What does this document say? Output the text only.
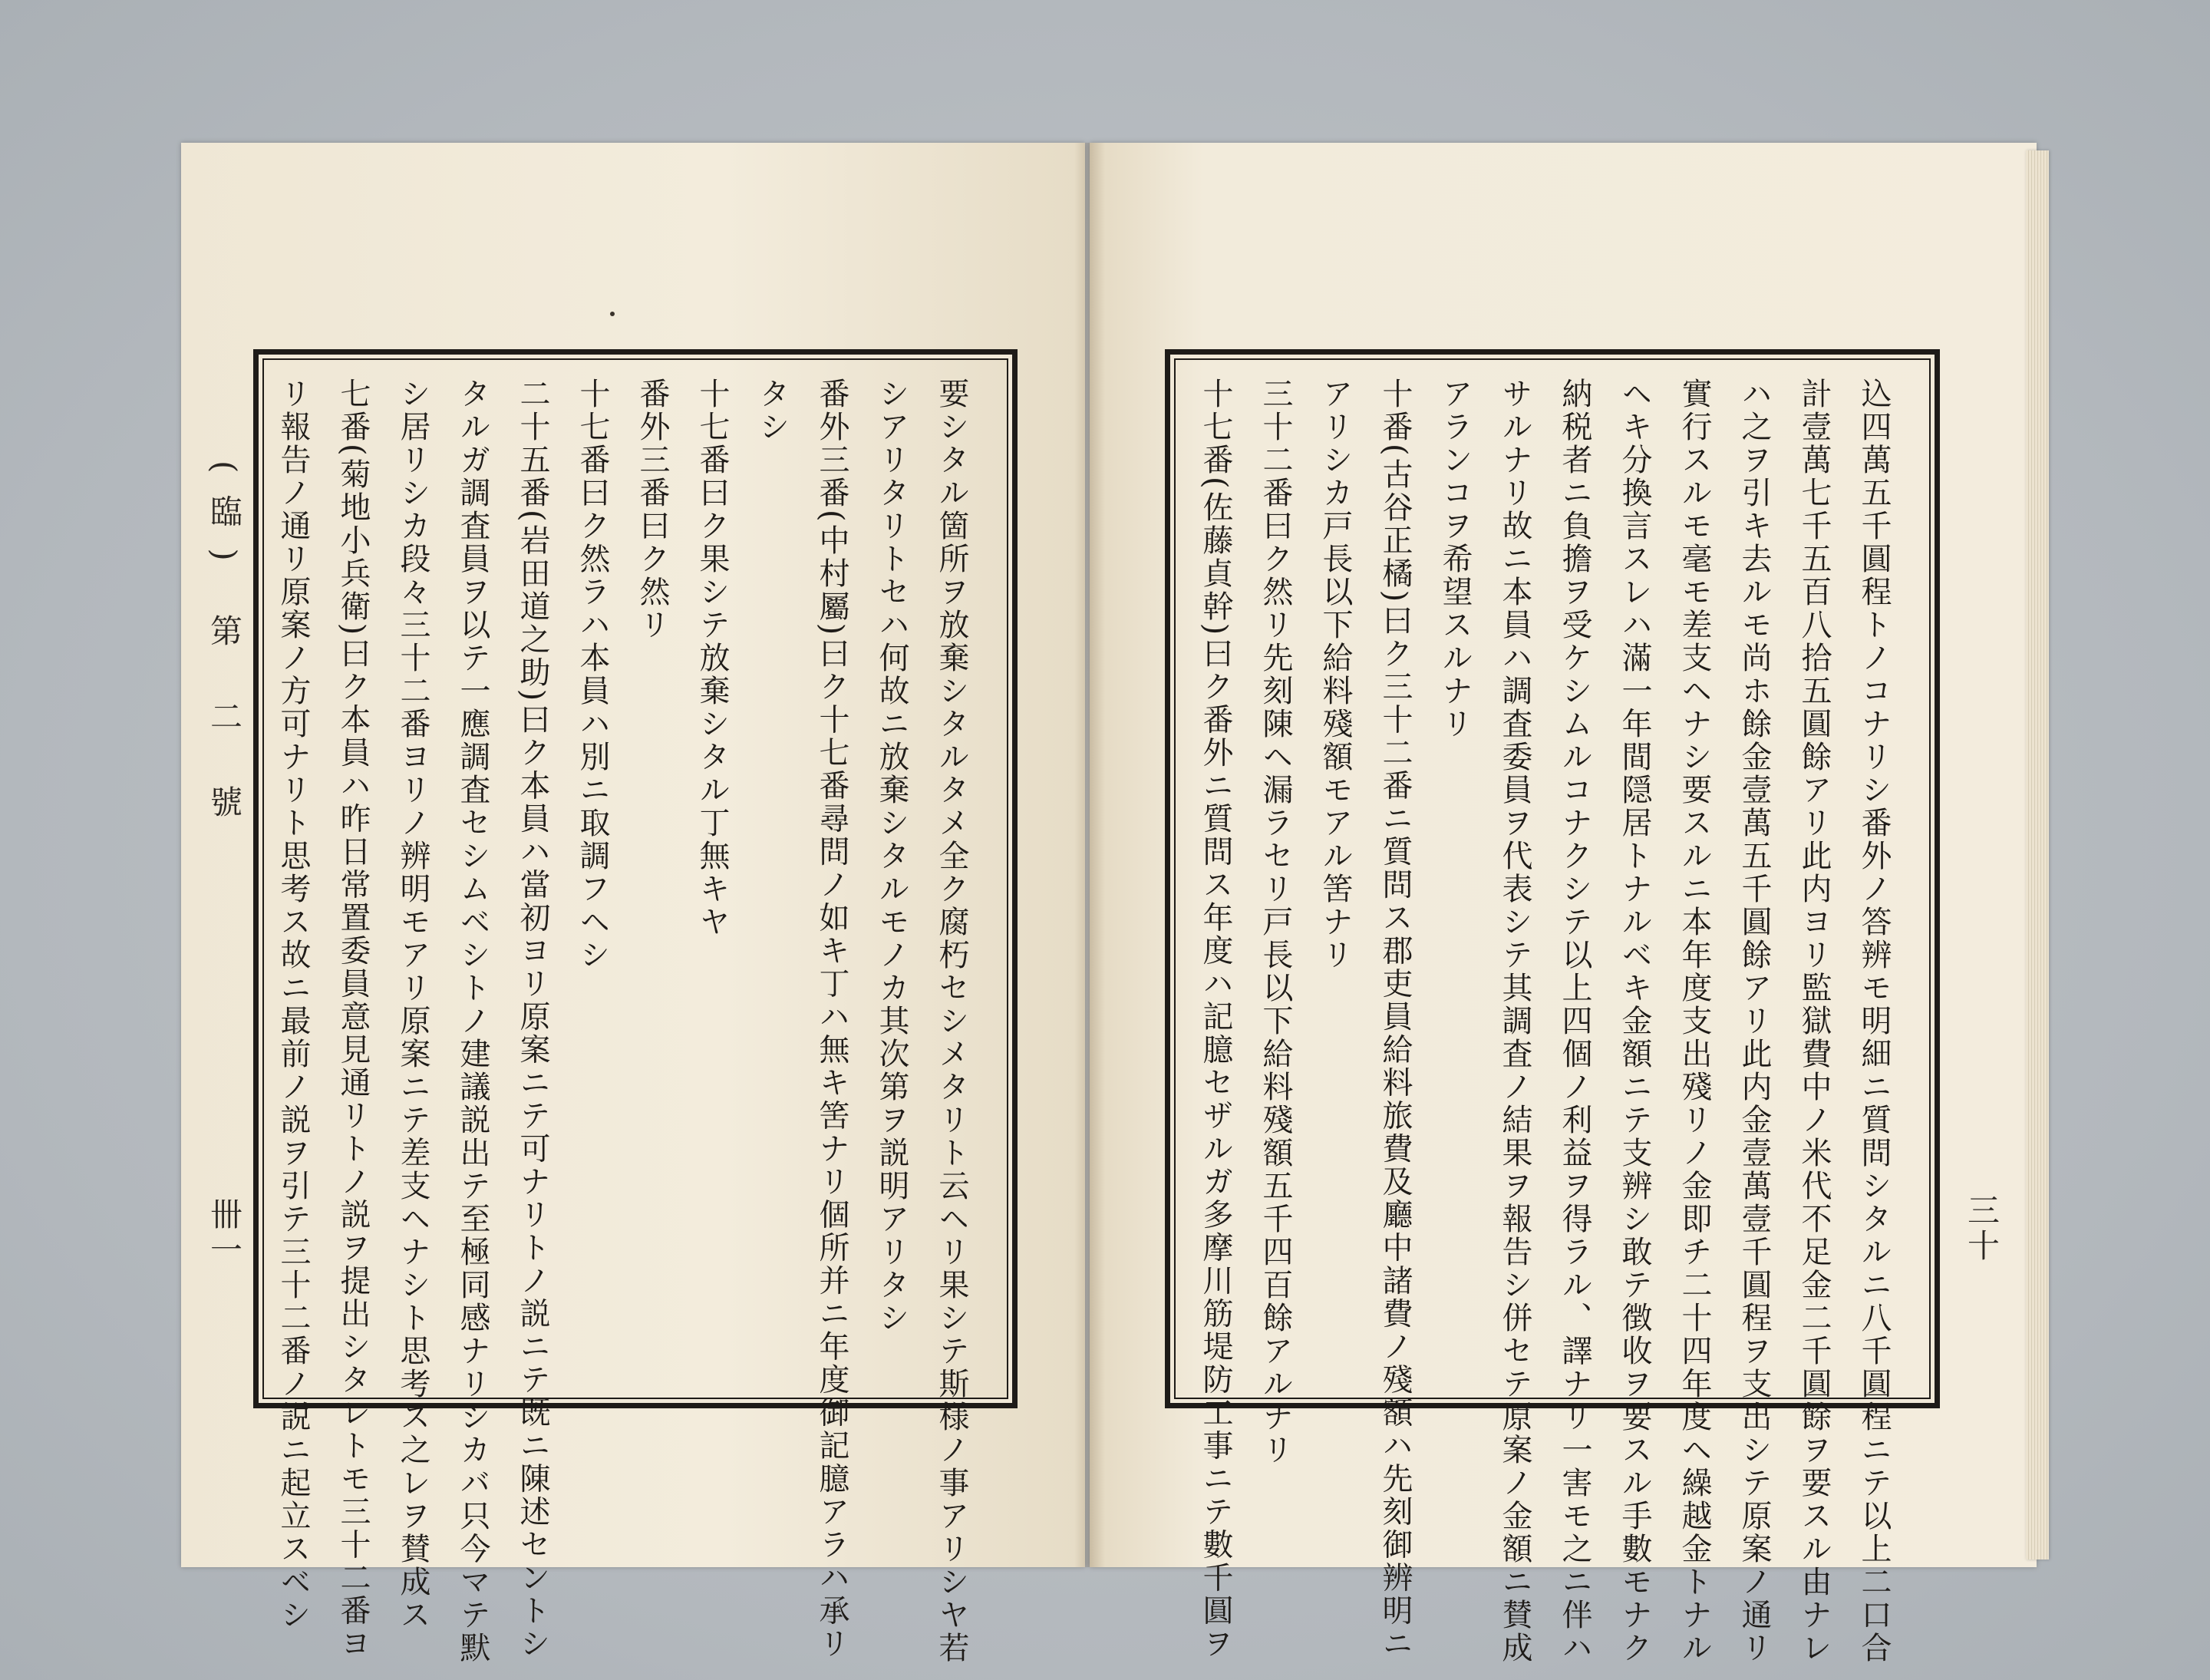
(臨) 第 二 號
卌一	要シタル箇所ヲ放棄シタルタメ全ク腐朽セシメタリト云ヘリ果シテ斯様ノ事アリシヤ若
シアリタリトセハ何故ニ放棄シタルモノカ其次第ヲ説明アリタシ
番外三番(中村屬)曰ク十七番尋問ノ如キ丁ハ無キ筈ナリ個所并ニ年度御記臆アラハ承リ
タシ
十七番曰ク果シテ放棄シタル丁無キヤ
番外三番曰ク然リ
十七番曰ク然ラハ本員ハ別ニ取調フヘシ
二十五番(岩田道之助)曰ク本員ハ當初ヨリ原案ニテ可ナリトノ説ニテ既ニ陳述セントシ
タルガ調査員ヲ以テ一應調査セシムベシトノ建議説出テ至極同感ナリシカバ只今マテ默
シ居リシカ段々三十二番ヨリノ辨明モアリ原案ニテ差支ヘナシト思考ス之レヲ賛成ス
七番(菊地小兵衛)曰ク本員ハ昨日常置委員意見通リトノ説ヲ提出シタレトモ三十二番ヨ
リ報告ノ通リ原案ノ方可ナリト思考ス故ニ最前ノ説ヲ引テ三十二番ノ説ニ起立スベシ	三十
込四萬五千圓程トノコナリシ番外ノ答辨モ明細ニ質問シタルニ八千圓程ニテ以上二口合
計壹萬七千五百八拾五圓餘アリ此内ヨリ監獄費中ノ米代不足金二千圓餘ヲ要スル由ナレ
ハ之ヲ引キ去ルモ尚ホ餘金壹萬五千圓餘アリ此内金壹萬壹千圓程ヲ支出シテ原案ノ通リ
實行スルモ毫モ差支ヘナシ要スルニ本年度支出殘リノ金即チ二十四年度ヘ繰越金トナル
ヘキ分換言スレハ滿一年間隠居トナルベキ金額ニテ支辨シ敢テ徴收ヲ要スル手數モナク
納税者ニ負擔ヲ受ケシムルコナクシテ以上四個ノ利益ヲ得ラル、譯ナリ一害モ之ニ伴ハ
サルナリ故ニ本員ハ調査委員ヲ代表シテ其調査ノ結果ヲ報告シ併セテ原案ノ金額ニ賛成
アランコヲ希望スルナリ
十番(古谷正橘)曰ク三十二番ニ質問ス郡吏員給料旅費及廳中諸費ノ殘額ハ先刻御辨明ニ
アリシカ戸長以下給料殘額モアル筈ナリ
三十二番曰ク然リ先刻陳ヘ漏ラセリ戸長以下給料殘額五千四百餘アルナリ
十七番(佐藤貞幹)曰ク番外ニ質問ス年度ハ記臆セザルガ多摩川筋堤防工事ニテ數千圓ヲ
